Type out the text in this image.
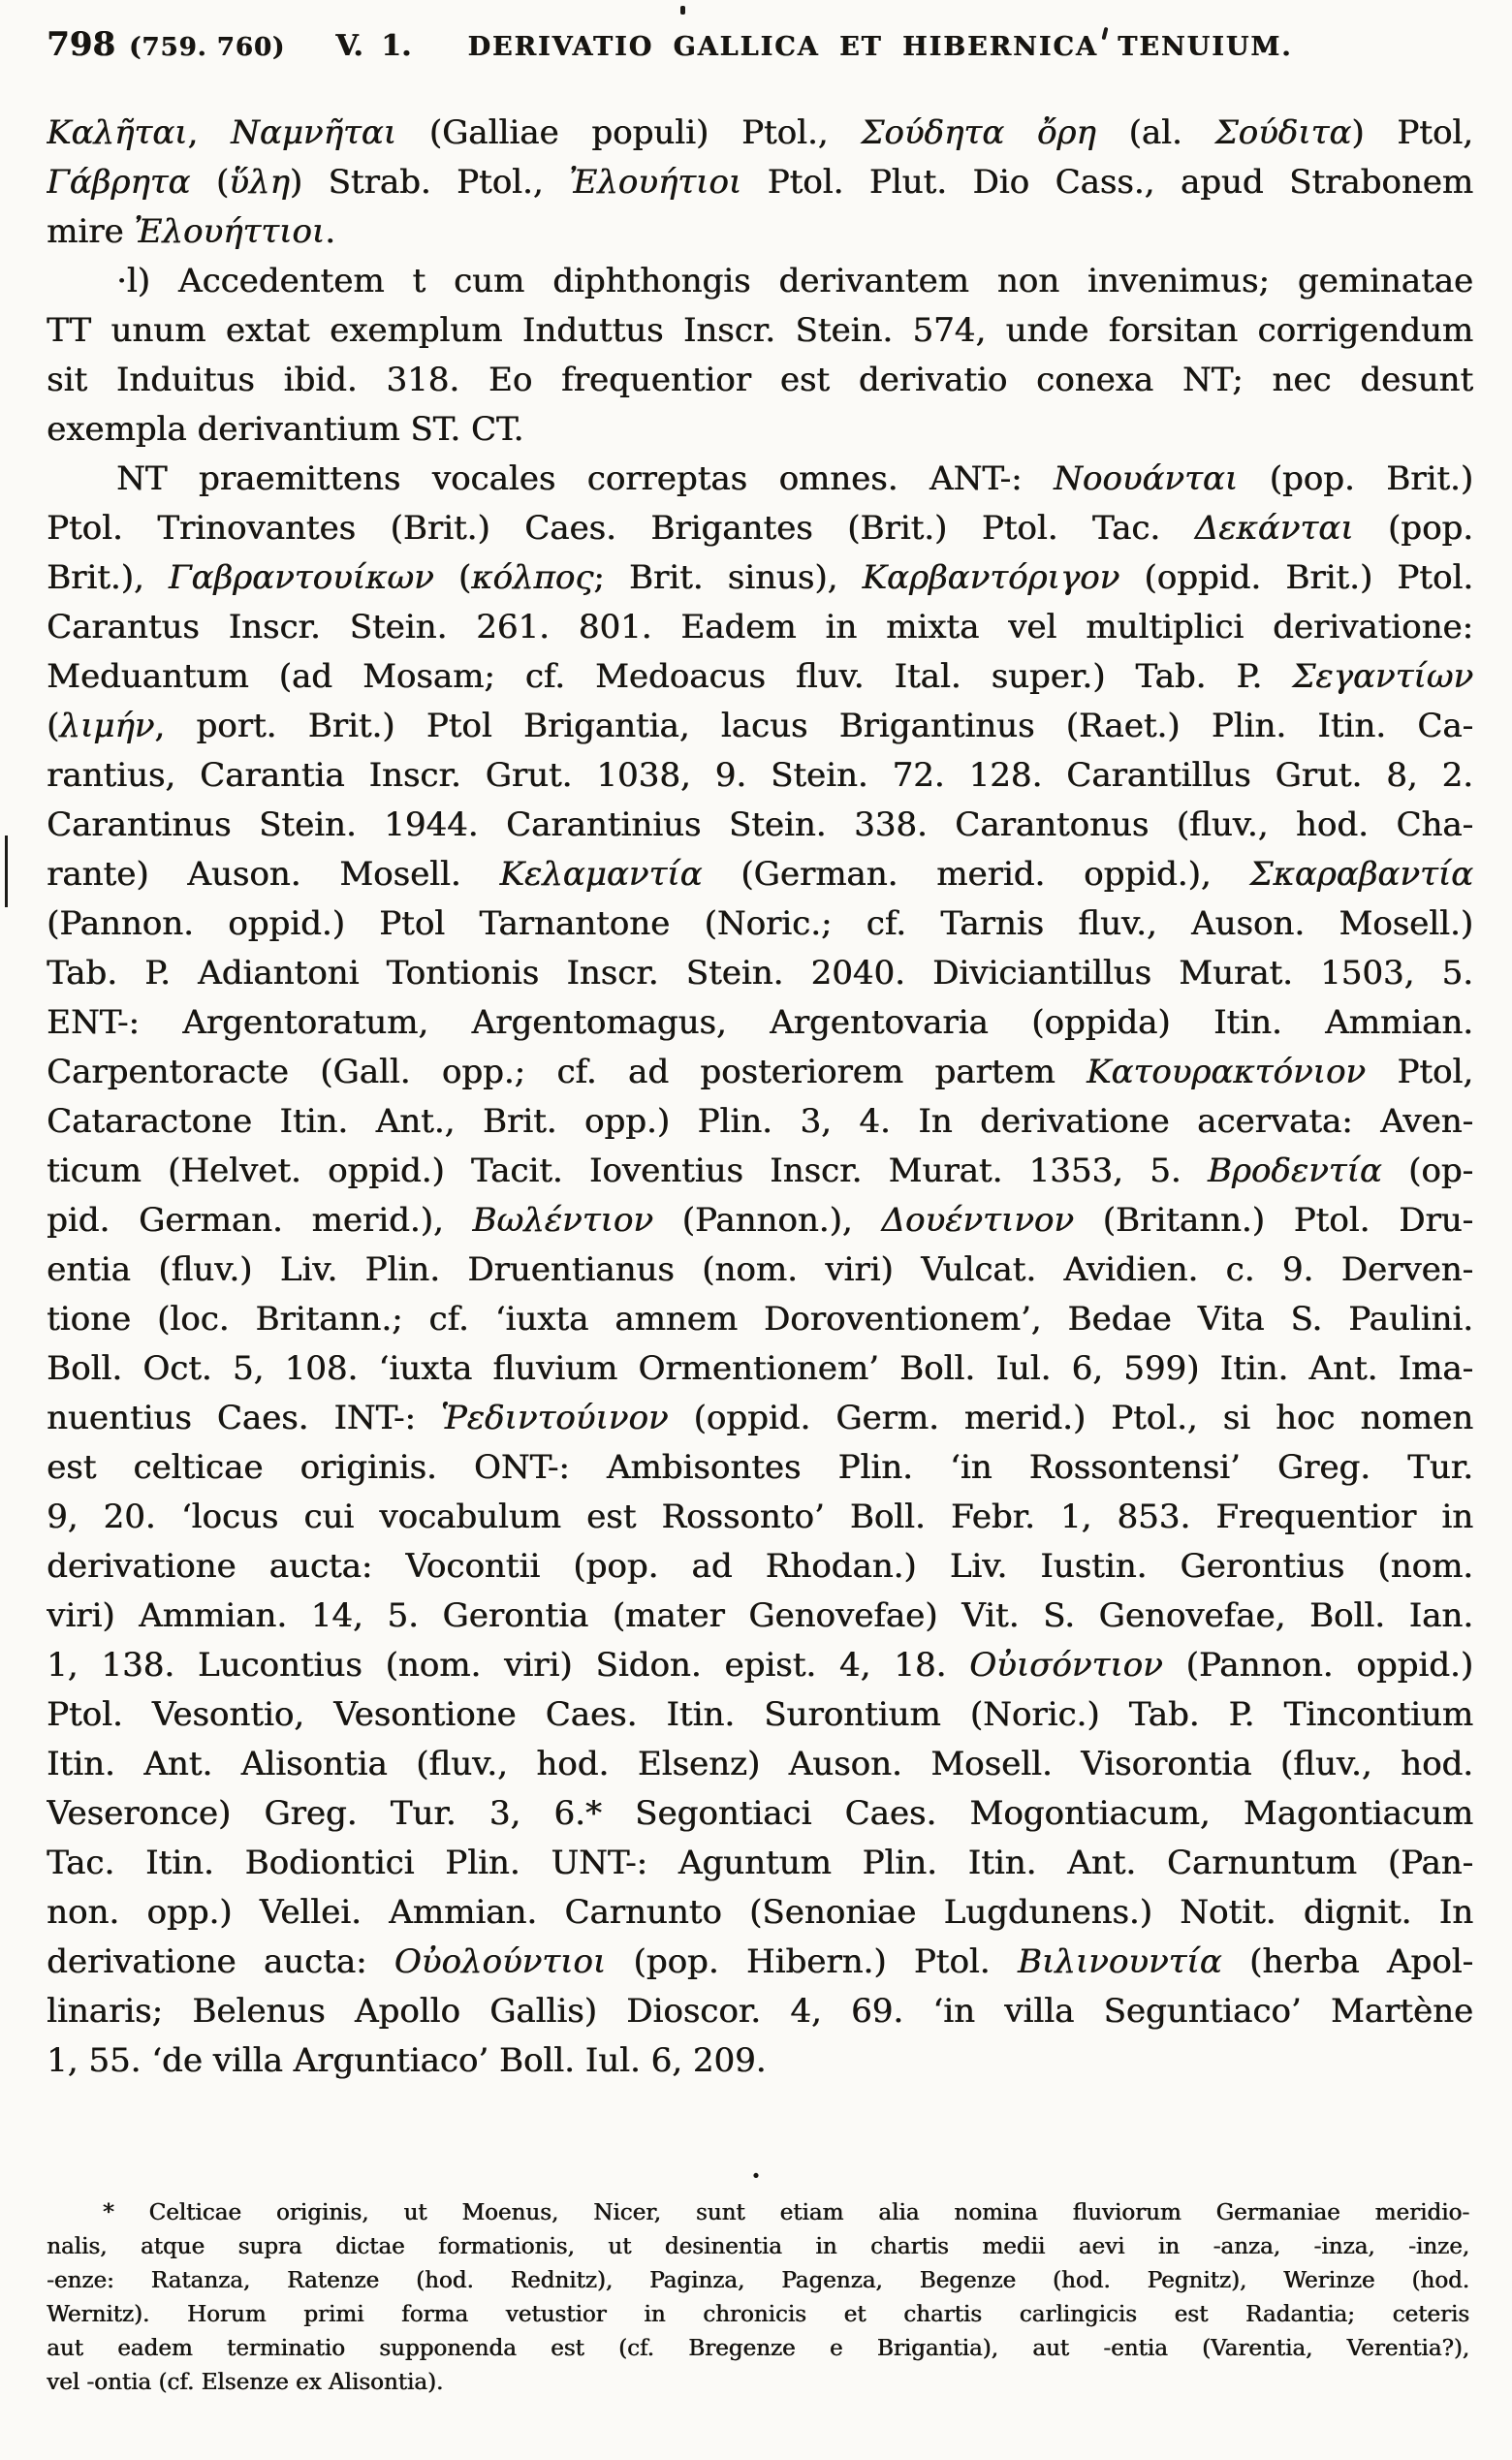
798 (759. 760) V. 1. DERIVATIO GALLICA ET HIBERNICA TENUIUM.
Καλῆται, Ναμνῆται (Galliae populi) Ptol., Σούδητα ὄρη (al. Σούδιτα) Ptol,
Γάβρητα (ὕλη) Strab. Ptol., Ἐλουήτιοι Ptol. Plut. Dio Cass., apud Strabonem
mire Ἐλουήττιοι.
·l) Accedentem t cum diphthongis derivantem non invenimus; geminatae
TT unum extat exemplum Induttus Inscr. Stein. 574, unde forsitan corrigendum
sit Induitus ibid. 318. Eo frequentior est derivatio conexa NT; nec desunt
exempla derivantium ST. CT.
NT praemittens vocales correptas omnes. ANT-: Νοουάνται (pop. Brit.)
Ptol. Trinovantes (Brit.) Caes. Brigantes (Brit.) Ptol. Tac. Δεκάνται (pop.
Brit.), Γαβραντουίκων (κόλπος; Brit. sinus), Καρβαντόριγον (oppid. Brit.) Ptol.
Carantus Inscr. Stein. 261. 801. Eadem in mixta vel multiplici derivatione:
Meduantum (ad Mosam; cf. Medoacus fluv. Ital. super.) Tab. P. Σεγαντίων
(λιμήν, port. Brit.) Ptol Brigantia, lacus Brigantinus (Raet.) Plin. Itin. Ca-
rantius, Carantia Inscr. Grut. 1038, 9. Stein. 72. 128. Carantillus Grut. 8, 2.
Carantinus Stein. 1944. Carantinius Stein. 338. Carantonus (fluv., hod. Cha-
rante) Auson. Mosell. Κελαμαντία (German. merid. oppid.), Σκαραβαντία
(Pannon. oppid.) Ptol Tarnantone (Noric.; cf. Tarnis fluv., Auson. Mosell.)
Tab. P. Adiantoni Tontionis Inscr. Stein. 2040. Diviciantillus Murat. 1503, 5.
ENT-: Argentoratum, Argentomagus, Argentovaria (oppida) Itin. Ammian.
Carpentoracte (Gall. opp.; cf. ad posteriorem partem Κατουρακτόνιον Ptol,
Cataractone Itin. Ant., Brit. opp.) Plin. 3, 4. In derivatione acervata: Aven-
ticum (Helvet. oppid.) Tacit. Ioventius Inscr. Murat. 1353, 5. Βροδεντία (op-
pid. German. merid.), Βωλέντιον (Pannon.), Δουέντινον (Britann.) Ptol. Dru-
entia (fluv.) Liv. Plin. Druentianus (nom. viri) Vulcat. Avidien. c. 9. Derven-
tione (loc. Britann.; cf. ‘iuxta amnem Doroventionem’, Bedae Vita S. Paulini.
Boll. Oct. 5, 108. ‘iuxta fluvium Ormentionem’ Boll. Iul. 6, 599) Itin. Ant. Ima-
nuentius Caes. INT-: Ῥεδιντούινον (oppid. Germ. merid.) Ptol., si hoc nomen
est celticae originis. ONT-: Ambisontes Plin. ‘in Rossontensi’ Greg. Tur.
9, 20. ‘locus cui vocabulum est Rossonto’ Boll. Febr. 1, 853. Frequentior in
derivatione aucta: Vocontii (pop. ad Rhodan.) Liv. Iustin. Gerontius (nom.
viri) Ammian. 14, 5. Gerontia (mater Genovefae) Vit. S. Genovefae, Boll. Ian.
1, 138. Lucontius (nom. viri) Sidon. epist. 4, 18. Οὐισόντιον (Pannon. oppid.)
Ptol. Vesontio, Vesontione Caes. Itin. Surontium (Noric.) Tab. P. Tincontium
Itin. Ant. Alisontia (fluv., hod. Elsenz) Auson. Mosell. Visorontia (fluv., hod.
Veseronce) Greg. Tur. 3, 6.* Segontiaci Caes. Mogontiacum, Magontiacum
Tac. Itin. Bodiontici Plin. UNT-: Aguntum Plin. Itin. Ant. Carnuntum (Pan-
non. opp.) Vellei. Ammian. Carnunto (Senoniae Lugdunens.) Notit. dignit. In
derivatione aucta: Οὐολούντιοι (pop. Hibern.) Ptol. Βιλινουντία (herba Apol-
linaris; Belenus Apollo Gallis) Dioscor. 4, 69. ‘in villa Seguntiaco’ Martène
1, 55. ‘de villa Arguntiaco’ Boll. Iul. 6, 209.
·
* Celticae originis, ut Moenus, Nicer, sunt etiam alia nomina fluviorum Germaniae meridio-
nalis, atque supra dictae formationis, ut desinentia in chartis medii aevi in -anza, -inza, -inze,
-enze: Ratanza, Ratenze (hod. Rednitz), Paginza, Pagenza, Begenze (hod. Pegnitz), Werinze (hod.
Wernitz). Horum primi forma vetustior in chronicis et chartis carlingicis est Radantia; ceteris
aut eadem terminatio supponenda est (cf. Bregenze e Brigantia), aut -entia (Varentia, Verentia?),
vel -ontia (cf. Elsenze ex Alisontia).
